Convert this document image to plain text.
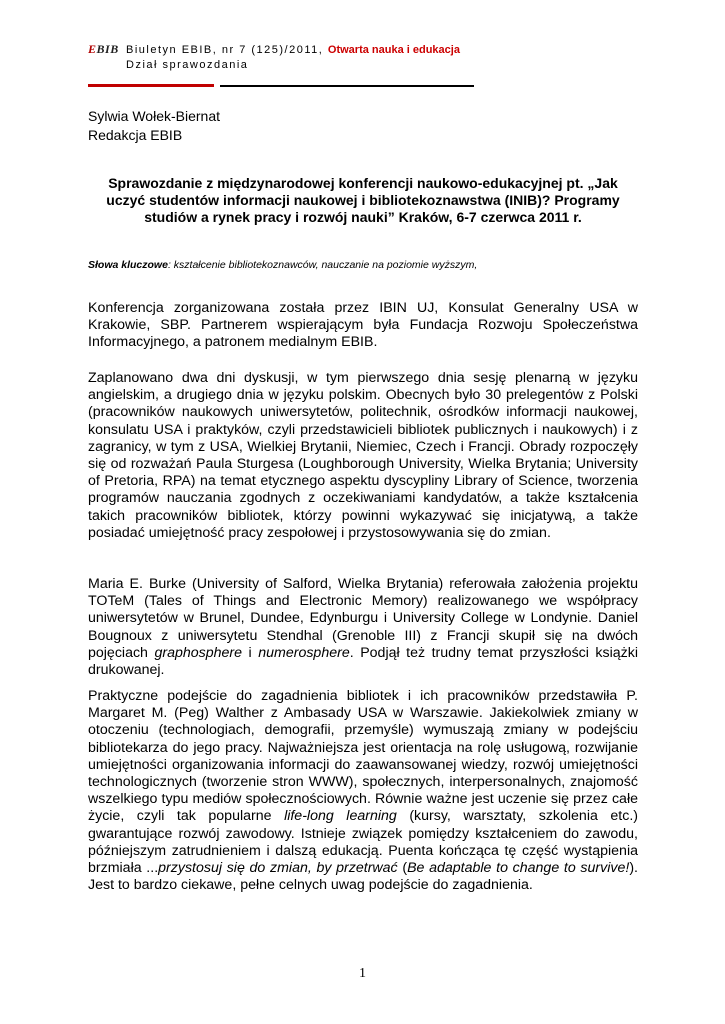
EBIB Biuletyn EBIB, nr 7 (125)/2011, Otwarta nauka i edukacja
Dział sprawozdania
Sylwia Wołek-Biernat
Redakcja EBIB
Sprawozdanie z międzynarodowej konferencji naukowo-edukacyjnej pt. „Jak uczyć studentów informacji naukowej i bibliotekoznawstwa (INIB)? Programy studiów a rynek pracy i rozwój nauki” Kraków, 6-7 czerwca 2011 r.
Słowa kluczowe: kształcenie bibliotekoznawców, nauczanie na poziomie wyższym,
Konferencja zorganizowana została przez IBIN UJ, Konsulat Generalny USA w Krakowie, SBP. Partnerem wspierającym była Fundacja Rozwoju Społeczeństwa Informacyjnego, a patronem medialnym EBIB.
Zaplanowano dwa dni dyskusji, w tym pierwszego dnia sesję plenarną w języku angielskim, a drugiego dnia w języku polskim. Obecnych było 30 prelegentów z Polski (pracowników naukowych uniwersytetów, politechnik, ośrodków informacji naukowej, konsulatu USA i praktyków, czyli przedstawicieli bibliotek publicznych i naukowych) i z zagranicy, w tym z USA, Wielkiej Brytanii, Niemiec, Czech i Francji. Obrady rozpoczęły się od rozważań Paula Sturgesa (Loughborough University, Wielka Brytania; University of Pretoria, RPA) na temat etycznego aspektu dyscypliny Library of Science, tworzenia programów nauczania zgodnych z oczekiwaniami kandydatów, a także kształcenia takich pracowników bibliotek, którzy powinni wykazywać się inicjatywą, a także posiadać umiejętność pracy zespołowej i przystosowywania się do zmian.
Maria E. Burke (University of Salford, Wielka Brytania) referowała założenia projektu TOTeM (Tales of Things and Electronic Memory) realizowanego we współpracy uniwersytetów w Brunel, Dundee, Edynburgu i University College w Londynie. Daniel Bougnoux z uniwersytetu Stendhal (Grenoble III) z Francji skupił się na dwóch pojęciach graphosphere i numerosphere. Podjął też trudny temat przyszłości książki drukowanej.
Praktyczne podejście do zagadnienia bibliotek i ich pracowników przedstawiła P. Margaret M. (Peg) Walther z Ambasady USA w Warszawie. Jakiekolwiek zmiany w otoczeniu (technologiach, demografii, przemyśle) wymuszają zmiany w podejściu bibliotekarza do jego pracy. Najważniejsza jest orientacja na rolę usługową, rozwijanie umiejętności organizowania informacji do zaawansowanej wiedzy, rozwój umiejętności technologicznych (tworzenie stron WWW), społecznych, interpersonalnych, znajomość wszelkiego typu mediów społecznościowych. Równie ważne jest uczenie się przez całe życie, czyli tak popularne life-long learning (kursy, warsztaty, szkolenia etc.) gwarantujące rozwój zawodowy. Istnieje związek pomiędzy kształceniem do zawodu, późniejszym zatrudnieniem i dalszą edukacją. Puenta kończąca tę część wystąpienia brzmiała ...przystosuj się do zmian, by przetrwać (Be adaptable to change to survive!). Jest to bardzo ciekawe, pełne celnych uwag podejście do zagadnienia.
1
